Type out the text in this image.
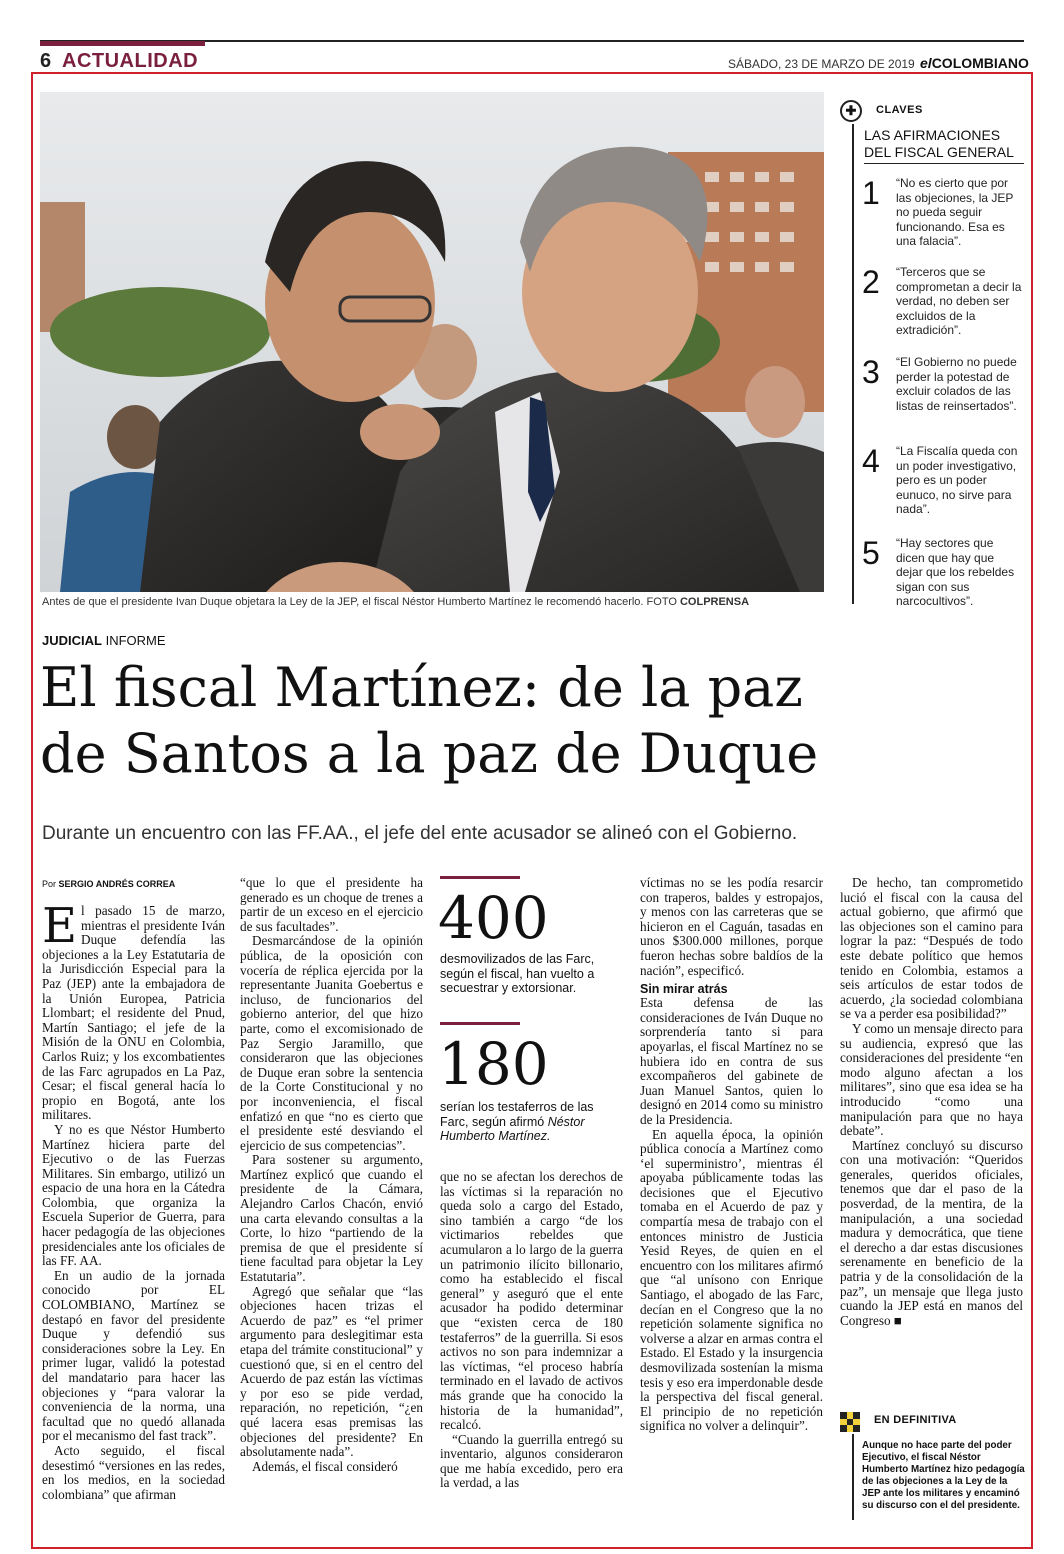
6 ACTUALIDAD	SÁBADO, 23 DE MARZO DE 2019 elCOLOMBIANO
Antes de que el presidente Ivan Duque objetara la Ley de la JEP, el fiscal Néstor Humberto Martínez le recomendó hacerlo. FOTO COLPRENSA
✚	CLAVES
LAS AFIRMACIONES
DEL FISCAL GENERAL
1 “No es cierto que por las objeciones, la JEP no pueda seguir funcionando. Esa es una falacia”.
2 “Terceros que se comprometan a decir la verdad, no deben ser excluidos de la extradición”.
3 “El Gobierno no puede perder la potestad de excluir colados de las listas de reinsertados”.
4 “La Fiscalía queda con un poder investigativo, pero es un poder eunuco, no sirve para nada”.
5 “Hay sectores que dicen que hay que dejar que los rebeldes sigan con sus narcocultivos”.
JUDICIAL INFORME
El fiscal Martínez: de la paz
de Santos a la paz de Duque
Durante un encuentro con las FF.AA., el jefe del ente acusador se alineó con el Gobierno.
Por SERGIO ANDRÉS CORREA

El pasado 15 de marzo, mientras el presidente Iván Duque defendía las objeciones a la Ley Estatutaria de la Jurisdicción Especial para la Paz (JEP) ante la embajadora de la Unión Europea, Patricia Llombart; el residente del Pnud, Martín Santiago; el jefe de la Misión de la ONU en Colombia, Carlos Ruiz; y los excombatientes de las Farc agrupados en La Paz, Cesar; el fiscal general hacía lo propio en Bogotá, ante los militares.

Y no es que Néstor Humberto Martínez hiciera parte del Ejecutivo o de las Fuerzas Militares. Sin embargo, utilizó un espacio de una hora en la Cátedra Colombia, que organiza la Escuela Superior de Guerra, para hacer pedagogía de las objeciones presidenciales ante los oficiales de las FF. AA.

En un audio de la jornada conocido por EL COLOMBIANO, Martínez se destapó en favor del presidente Duque y defendió sus consideraciones sobre la Ley. En primer lugar, validó la potestad del mandatario para hacer las objeciones y “para valorar la conveniencia de la norma, una facultad que no quedó allanada por el mecanismo del fast track”.

Acto seguido, el fiscal desestimó “versiones en las redes, en los medios, en la sociedad colombiana” que afirman

“que lo que el presidente ha generado es un choque de trenes a partir de un exceso en el ejercicio de sus facultades”.

Desmarcándose de la opinión pública, de la oposición con vocería de réplica ejercida por la representante Juanita Goebertus e incluso, de funcionarios del gobierno anterior, del que hizo parte, como el excomisionado de Paz Sergio Jaramillo, que consideraron que las objeciones de Duque eran sobre la sentencia de la Corte Constitucional y no por inconveniencia, el fiscal enfatizó en que “no es cierto que el presidente esté desviando el ejercicio de sus competencias”.

Para sostener su argumento, Martínez explicó que cuando el presidente de la Cámara, Alejandro Carlos Chacón, envió una carta elevando consultas a la Corte, lo hizo “partiendo de la premisa de que el presidente sí tiene facultad para objetar la Ley Estatutaria”.

Agregó que señalar que “las objeciones hacen trizas el Acuerdo de paz” es “el primer argumento para deslegitimar esta etapa del trámite constitucional” y cuestionó que, si en el centro del Acuerdo de paz están las víctimas y por eso se pide verdad, reparación, no repetición, “¿en qué lacera esas premisas las objeciones del presidente? En absolutamente nada”.

Además, el fiscal consideró

400
desmovilizados de las Farc, según el fiscal, han vuelto a secuestrar y extorsionar.
180
serían los testaferros de las Farc, según afirmó Néstor Humberto Martínez.

que no se afectan los derechos de las víctimas si la reparación no queda solo a cargo del Estado, sino también a cargo “de los victimarios rebeldes que acumularon a lo largo de la guerra un patrimonio ilícito billonario, como ha establecido el fiscal general” y aseguró que el ente acusador ha podido determinar que “existen cerca de 180 testaferros” de la guerrilla. Si esos activos no son para indemnizar a las víctimas, “el proceso habría terminado en el lavado de activos más grande que ha conocido la historia de la humanidad”, recalcó.

“Cuando la guerrilla entregó su inventario, algunos consideraron que me había excedido, pero era la verdad, a las

víctimas no se les podía resarcir con traperos, baldes y estropajos, y menos con las carreteras que se hicieron en el Caguán, tasadas en unos $300.000 millones, porque fueron hechas sobre baldíos de la nación”, especificó.

Sin mirar atrás

Esta defensa de las consideraciones de Iván Duque no sorprendería tanto si para apoyarlas, el fiscal Martínez no se hubiera ido en contra de sus excompañeros del gabinete de Juan Manuel Santos, quien lo designó en 2014 como su ministro de la Presidencia.

En aquella época, la opinión pública conocía a Martínez como ‘el superministro’, mientras él apoyaba públicamente todas las decisiones que el Ejecutivo tomaba en el Acuerdo de paz y compartía mesa de trabajo con el entonces ministro de Justicia Yesid Reyes, de quien en el encuentro con los militares afirmó que “al unísono con Enrique Santiago, el abogado de las Farc, decían en el Congreso que la no repetición solamente significa no volverse a alzar en armas contra el Estado. El Estado y la insurgencia desmovilizada sostenían la misma tesis y eso era imperdonable desde la perspectiva del fiscal general. El principio de no repetición significa no volver a delinquir”.

De hecho, tan comprometido lució el fiscal con la causa del actual gobierno, que afirmó que las objeciones son el camino para lograr la paz: “Después de todo este debate político que hemos tenido en Colombia, estamos a seis artículos de estar todos de acuerdo, ¿la sociedad colombiana se va a perder esa posibilidad?”

Y como un mensaje directo para su audiencia, expresó que las consideraciones del presidente “en modo alguno afectan a los militares”, sino que esa idea se ha introducido “como una manipulación para que no haya debate”.

Martínez concluyó su discurso con una motivación: “Queridos generales, queridos oficiales, tenemos que dar el paso de la posverdad, de la mentira, de la manipulación, a una sociedad madura y democrática, que tiene el derecho a dar estas discusiones serenamente en beneficio de la patria y de la consolidación de la paz”, un mensaje que llega justo cuando la JEP está en manos del Congreso ■

EN DEFINITIVA
Aunque no hace parte del poder Ejecutivo, el fiscal Néstor Humberto Martínez hizo pedagogía de las objeciones a la Ley de la JEP ante los militares y encaminó su discurso con el del presidente.
